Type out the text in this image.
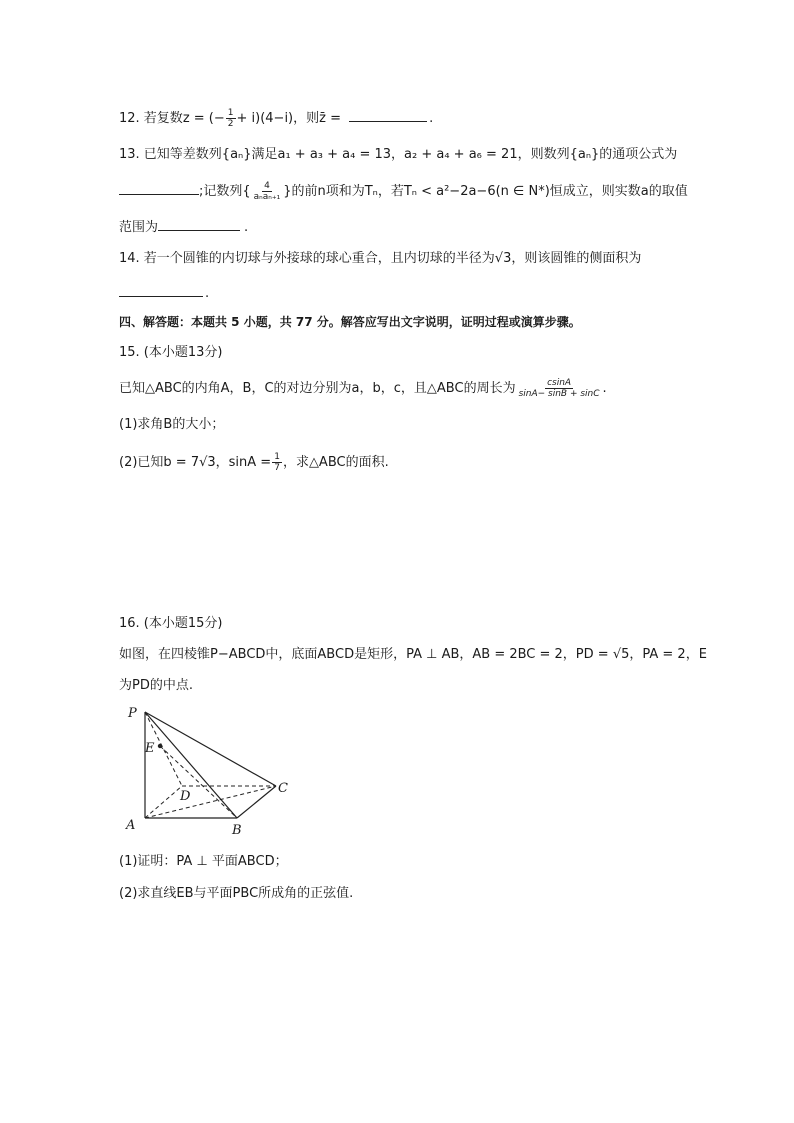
12. 若复数z = (− $\frac{1}{2} + i)(4-i)$，则z̄ =	.
13. 已知等差数列{aₙ}满足a₁ + a₃ + a₄ = 13，a₂ + a₄ + a₆ = 21，则数列{aₙ}的通项公式为
;记数列{ $\frac{4}{\text{aₙaₙ₊₁}}$ }的前n项和为Tₙ，若Tₙ < a²−2a−6(n ∈ N*)恒成立，则实数a的取值
范围为	.
14. 若一个圆锥的内切球与外接球的球心重合，且内切球的半径为√3，则该圆锥的侧面积为
.
四、解答题：本题共 5 小题，共 77 分。解答应写出文字说明，证明过程或演算步骤。
15. (本小题13分)
已知△ABC的内角A，B，C的对边分别为a，b，c，且△ABC的周长为 $\frac{csinA}{\sin A- \sin B + \sin C}$ .
(1)求角B的大小；
(2)已知b = 7√3，$\sin A = \frac{1}{7}$ ，求△ABC的面积.
16. (本小题15分)
如图，在四棱锥P−ABCD中，底面ABCD是矩形，PA ⊥ AB，AB = 2BC = 2，PD = √5，PA = 2，E
为PD的中点.
P
E
D
C
A	B
(1)证明：PA ⊥ 平面ABCD；
(2)求直线EB与平面PBC所成角的正弦值.
